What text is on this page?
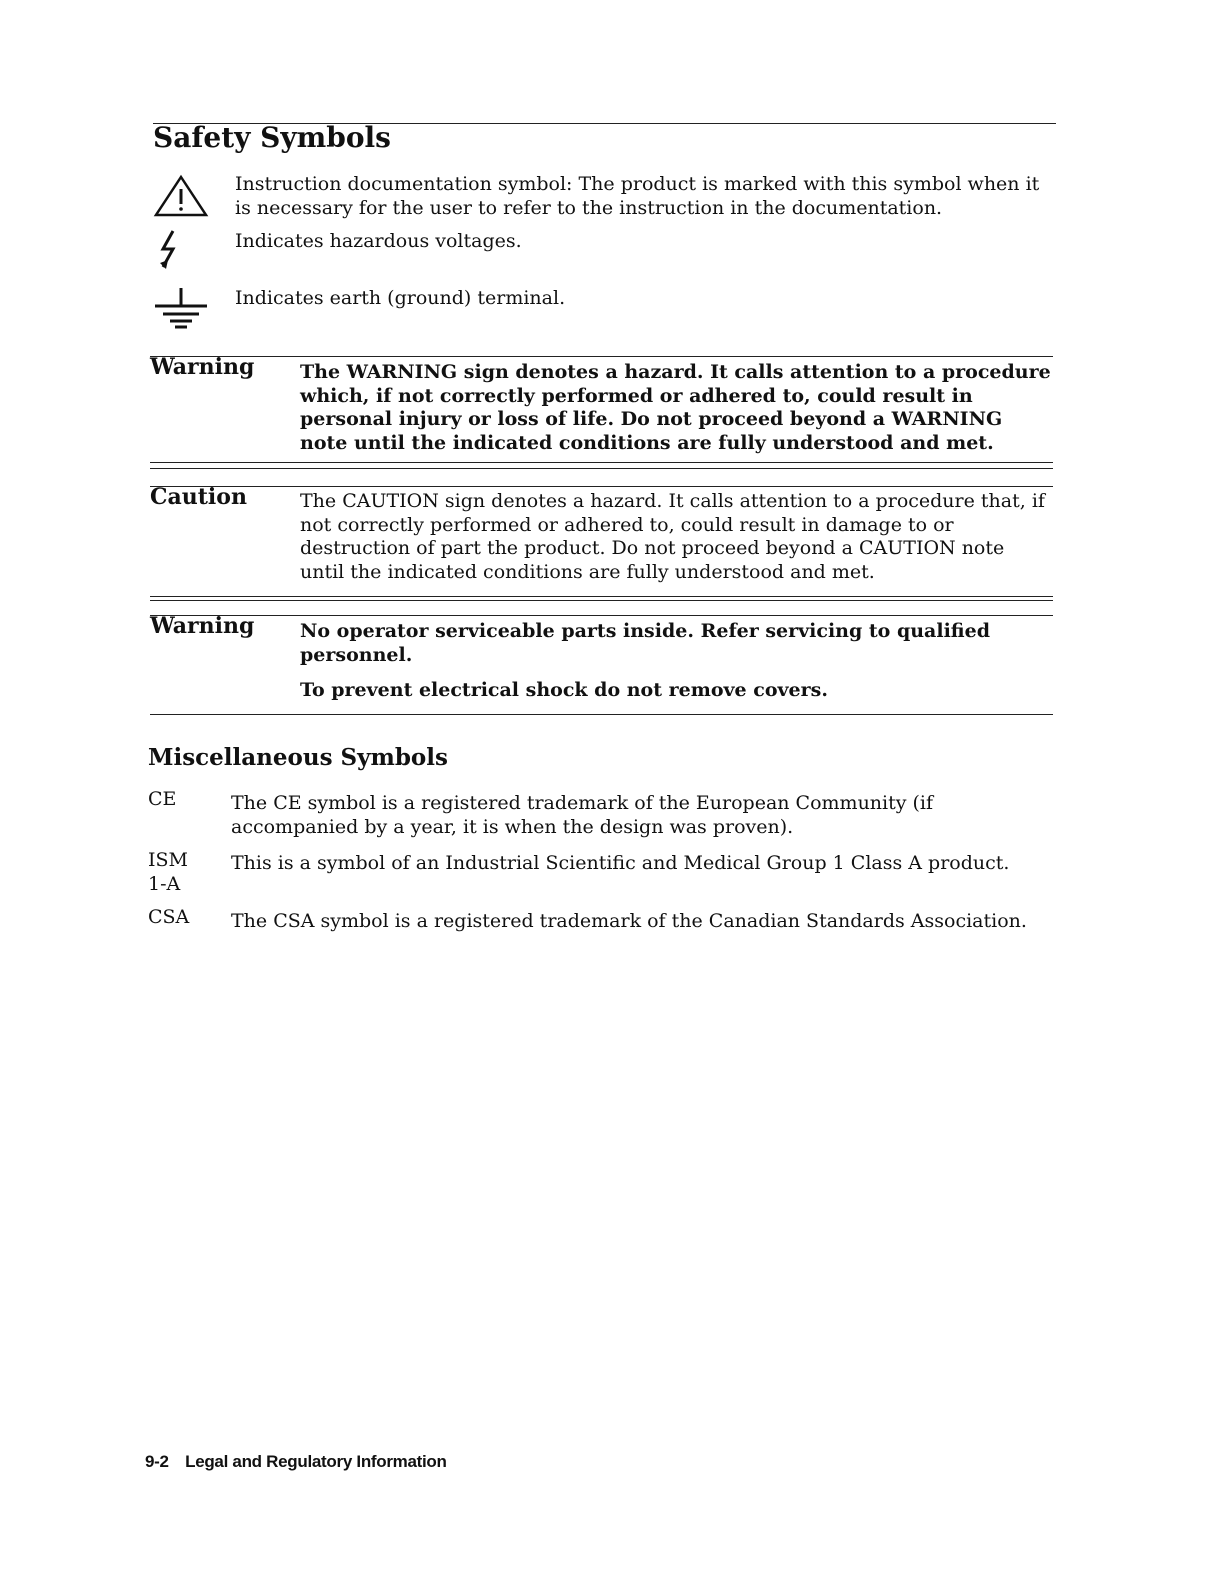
Safety Symbols
Instruction documentation symbol: The product is marked with this symbol when it is necessary for the user to refer to the instruction in the documentation.
Indicates hazardous voltages.
Indicates earth (ground) terminal.
Warning The WARNING sign denotes a hazard. It calls attention to a procedure which, if not correctly performed or adhered to, could result in personal injury or loss of life. Do not proceed beyond a WARNING note until the indicated conditions are fully understood and met.
Caution	The CAUTION sign denotes a hazard. It calls attention to a procedure that, if not correctly performed or adhered to, could result in damage to or destruction of part the product. Do not proceed beyond a CAUTION note until the indicated conditions are fully understood and met.
Warning No operator serviceable parts inside. Refer servicing to qualified personnel.
To prevent electrical shock do not remove covers.
Miscellaneous Symbols
CE	The CE symbol is a registered trademark of the European Community (if accompanied by a year, it is when the design was proven).
ISM 1-A
This is a symbol of an Industrial Scientific and Medical Group 1 Class A product.
CSA The CSA symbol is a registered trademark of the Canadian Standards Association.
9-2 Legal and Regulatory Information
